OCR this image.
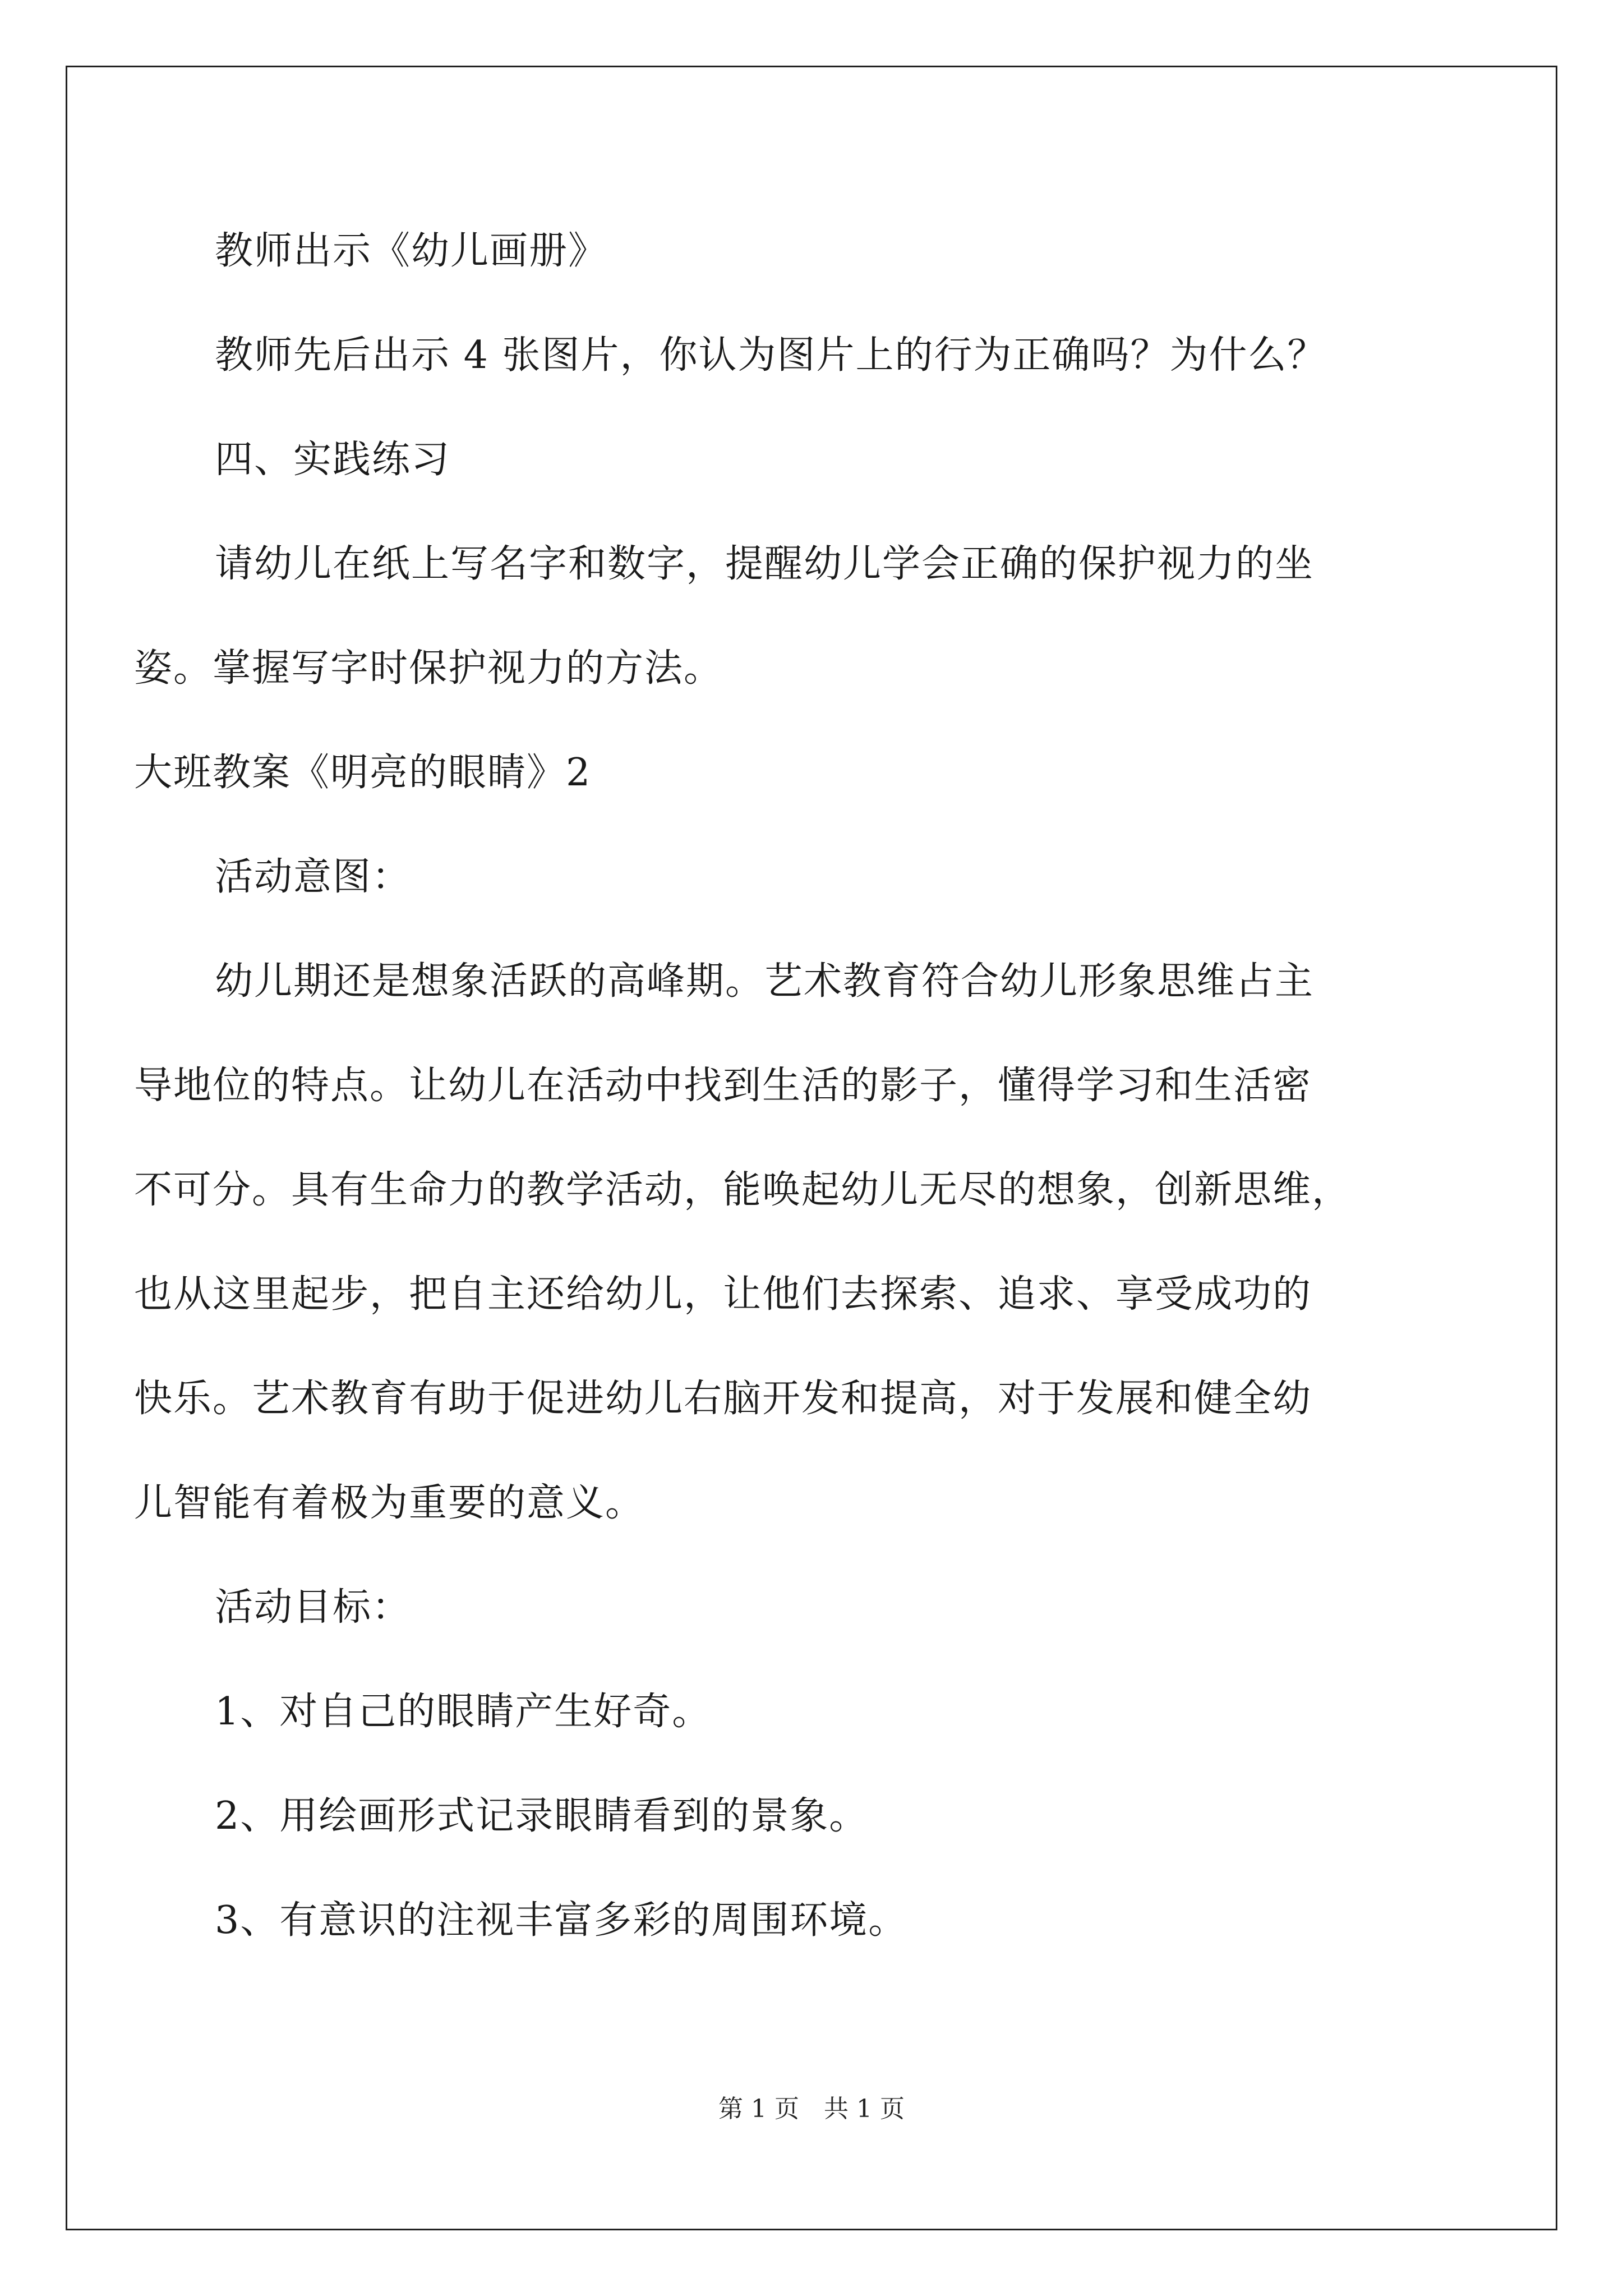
教师出示《幼儿画册》
教师先后出示 4 张图片，你认为图片上的行为正确吗？为什么？
四、实践练习
请幼儿在纸上写名字和数字，提醒幼儿学会正确的保护视力的坐
姿。掌握写字时保护视力的方法。
大班教案《明亮的眼睛》2
活动意图：
幼儿期还是想象活跃的高峰期。艺术教育符合幼儿形象思维占主
导地位的特点。让幼儿在活动中找到生活的影子，懂得学习和生活密
不可分。具有生命力的教学活动，能唤起幼儿无尽的想象，创新思维，
也从这里起步，把自主还给幼儿，让他们去探索、追求、享受成功的
快乐。艺术教育有助于促进幼儿右脑开发和提高，对于发展和健全幼
儿智能有着极为重要的意义。
活动目标：
1、对自己的眼睛产生好奇。
2、用绘画形式记录眼睛看到的景象。
3、有意识的注视丰富多彩的周围环境。
第 1 页　共 1 页
